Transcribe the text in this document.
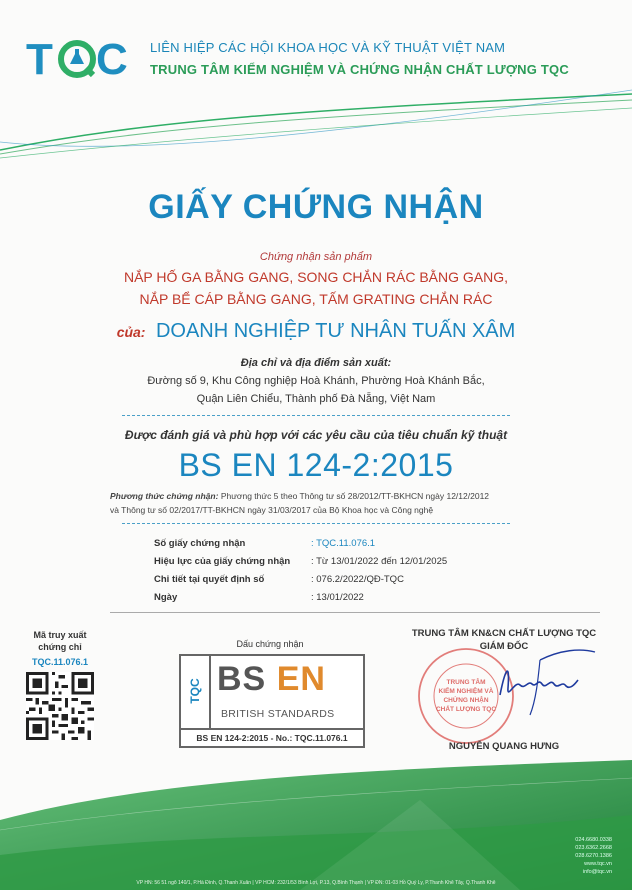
T C LIÊN HIỆP CÁC HỘI KHOA HỌC VÀ KỸ THUẬT VIỆT NAM
TRUNG TÂM KIỂM NGHIỆM VÀ CHỨNG NHẬN CHẤT LƯỢNG TQC
GIẤY CHỨNG NHẬN
Chứng nhận sản phẩm
NẮP HỐ GA BẰNG GANG, SONG CHẮN RÁC BẰNG GANG,
NẮP BỂ CÁP BẰNG GANG, TẤM GRATING CHẮN RÁC
của: DOANH NGHIỆP TƯ NHÂN TUẤN XÂM
Địa chỉ và địa điểm sản xuất:
Đường số 9, Khu Công nghiệp Hoà Khánh, Phường Hoà Khánh Bắc,
Quận Liên Chiểu, Thành phố Đà Nẵng, Việt Nam
Được đánh giá và phù hợp với các yêu cầu của tiêu chuẩn kỹ thuật
BS EN 124-2:2015
Phương thức chứng nhận: Phương thức 5 theo Thông tư số 28/2012/TT-BKHCN ngày 12/12/2012
và Thông tư số 02/2017/TT-BKHCN ngày 31/03/2017 của Bộ Khoa học và Công nghệ
Số giấy chứng nhận	: TQC.11.076.1
Hiệu lực của giấy chứng nhận : Từ 13/01/2022 đến 12/01/2025
Chi tiết tại quyết định số	: 076.2/2022/QĐ-TQC
Ngày	: 13/01/2022
Mã truy xuất
chứng chỉ
TQC.11.076.1
Dấu chứng nhận
TQC BS EN
BRITISH STANDARDS
BS EN 124-2:2015 - No.: TQC.11.076.1
TRUNG TÂM KN&CN CHẤT LƯỢNG TQC
GIÁM ĐỐC
TRUNG TÂM
KIỂM NGHIỆM VÀ
CHỨNG NHẬN
CHẤT LƯỢNG TQC
NGUYỄN QUANG HƯNG
024.6680.0338
023.6362.2668
028.6270.1386
www.tqc.vn
info@tqc.vn
VP HN: 56 51 ngõ 140/1, P.Hà Đình, Q.Thanh Xuân | VP HCM: 232/1/53 Bình Lợi, P.13, Q.Bình Thạnh | VP ĐN: 01-03 Hồ Quý Ly, P.Thanh Khê Tây, Q.Thanh Khê
